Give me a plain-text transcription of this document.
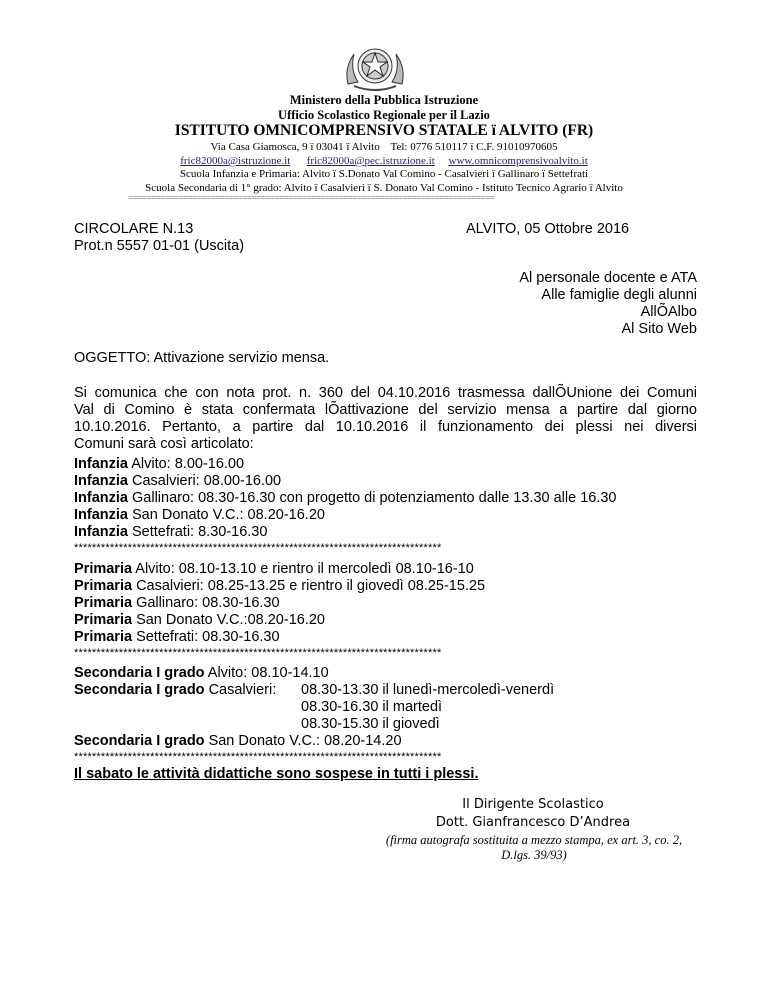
Ministero della Pubblica Istruzione
Ufficio Scolastico Regionale per il Lazio
ISTITUTO OMNICOMPRENSIVO STATALE ï ALVITO (FR)
Via Casa Giamosca, 9 ï 03041 ï Alvito Tel: 0776 510117 ï C.F. 91010970605
fric82000a@istruzione.it fric82000a@pec.istruzione.it www.omnicomprensivoalvito.it
Scuola Infanzia e Primaria: Alvito ï S.Donato Val Comino - Casalvieri ï Gallinaro ï Settefrati
Scuola Secondaria di 1° grado: Alvito ï Casalvieri ï S. Donato Val Comino - Istituto Tecnico Agrario ï Alvito
================================================================================
CIRCOLARE N.13
Prot.n 5557 01-01 (Uscita)
ALVITO, 05 Ottobre 2016
Al personale docente e ATA
Alle famiglie degli alunni
AllÕAlbo
Al Sito Web
OGGETTO: Attivazione servizio mensa.
Si comunica che con nota prot. n. 360 del 04.10.2016 trasmessa dallÕUnione dei Comuni
Val di Comino è stata confermata lÕattivazione del servizio mensa a partire dal giorno
10.10.2016. Pertanto, a partire dal 10.10.2016 il funzionamento dei plessi nei diversi
Comuni sarà così articolato:
Infanzia Alvito: 8.00-16.00
Infanzia Casalvieri: 08.00-16.00
Infanzia Gallinaro: 08.30-16.30 con progetto di potenziamento dalle 13.30 alle 16.30
Infanzia San Donato V.C.: 08.20-16.20
Infanzia Settefrati: 8.30-16.30
**********************************************************************************
Primaria Alvito: 08.10-13.10 e rientro il mercoledì 08.10-16-10
Primaria Casalvieri: 08.25-13.25 e rientro il giovedì 08.25-15.25
Primaria Gallinaro: 08.30-16.30
Primaria San Donato V.C.:08.20-16.20
Primaria Settefrati: 08.30-16.30
**********************************************************************************
Secondaria I grado Alvito: 08.10-14.10
Secondaria I grado Casalvieri:
Secondaria I grado San Donato V.C.: 08.20-14.20
08.30-13.30 il lunedì-mercoledì-venerdì
08.30-16.30 il martedì
08.30-15.30 il giovedì
**********************************************************************************
Il sabato le attività didattiche sono sospese in tutti i plessi.
Il Dirigente Scolastico
Dott. Gianfrancesco D’Andrea
(firma autografa sostituita a mezzo stampa, ex art. 3, co. 2,
D.lgs. 39/93)
